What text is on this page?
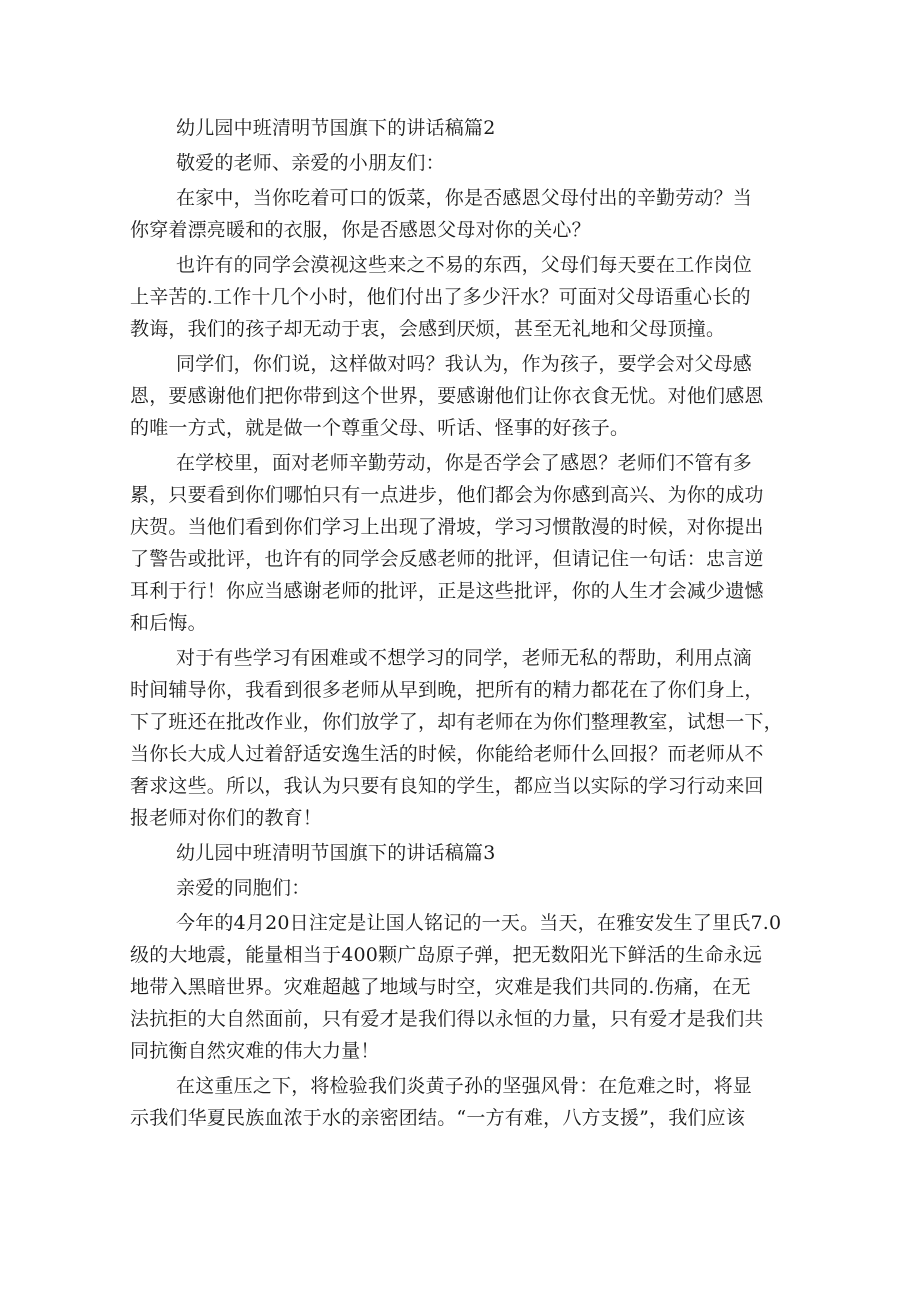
幼儿园中班清明节国旗下的讲话稿篇2
敬爱的老师、亲爱的小朋友们：
在家中，当你吃着可口的饭菜，你是否感恩父母付出的辛勤劳动？当
你穿着漂亮暖和的衣服，你是否感恩父母对你的关心？
也许有的同学会漠视这些来之不易的东西，父母们每天要在工作岗位
上辛苦的.工作十几个小时，他们付出了多少汗水？可面对父母语重心长的
教诲，我们的孩子却无动于衷，会感到厌烦，甚至无礼地和父母顶撞。
同学们，你们说，这样做对吗？我认为，作为孩子，要学会对父母感
恩，要感谢他们把你带到这个世界，要感谢他们让你衣食无忧。对他们感恩
的唯一方式，就是做一个尊重父母、听话、怪事的好孩子。
在学校里，面对老师辛勤劳动，你是否学会了感恩？老师们不管有多
累，只要看到你们哪怕只有一点进步，他们都会为你感到高兴、为你的成功
庆贺。当他们看到你们学习上出现了滑坡，学习习惯散漫的时候，对你提出
了警告或批评，也许有的同学会反感老师的批评，但请记住一句话：忠言逆
耳利于行！你应当感谢老师的批评，正是这些批评，你的人生才会减少遗憾
和后悔。
对于有些学习有困难或不想学习的同学，老师无私的帮助，利用点滴
时间辅导你，我看到很多老师从早到晚，把所有的精力都花在了你们身上，
下了班还在批改作业，你们放学了，却有老师在为你们整理教室，试想一下，
当你长大成人过着舒适安逸生活的时候，你能给老师什么回报？而老师从不
奢求这些。所以，我认为只要有良知的学生，都应当以实际的学习行动来回
报老师对你们的教育！
幼儿园中班清明节国旗下的讲话稿篇3
亲爱的同胞们：
今年的4月20日注定是让国人铭记的一天。当天，在雅安发生了里氏7.0
级的大地震，能量相当于400颗广岛原子弹，把无数阳光下鲜活的生命永远
地带入黑暗世界。灾难超越了地域与时空，灾难是我们共同的.伤痛，在无
法抗拒的大自然面前，只有爱才是我们得以永恒的力量，只有爱才是我们共
同抗衡自然灾难的伟大力量！
在这重压之下，将检验我们炎黄子孙的坚强风骨：在危难之时，将显
示我们华夏民族血浓于水的亲密团结。“一方有难，八方支援”，我们应该
